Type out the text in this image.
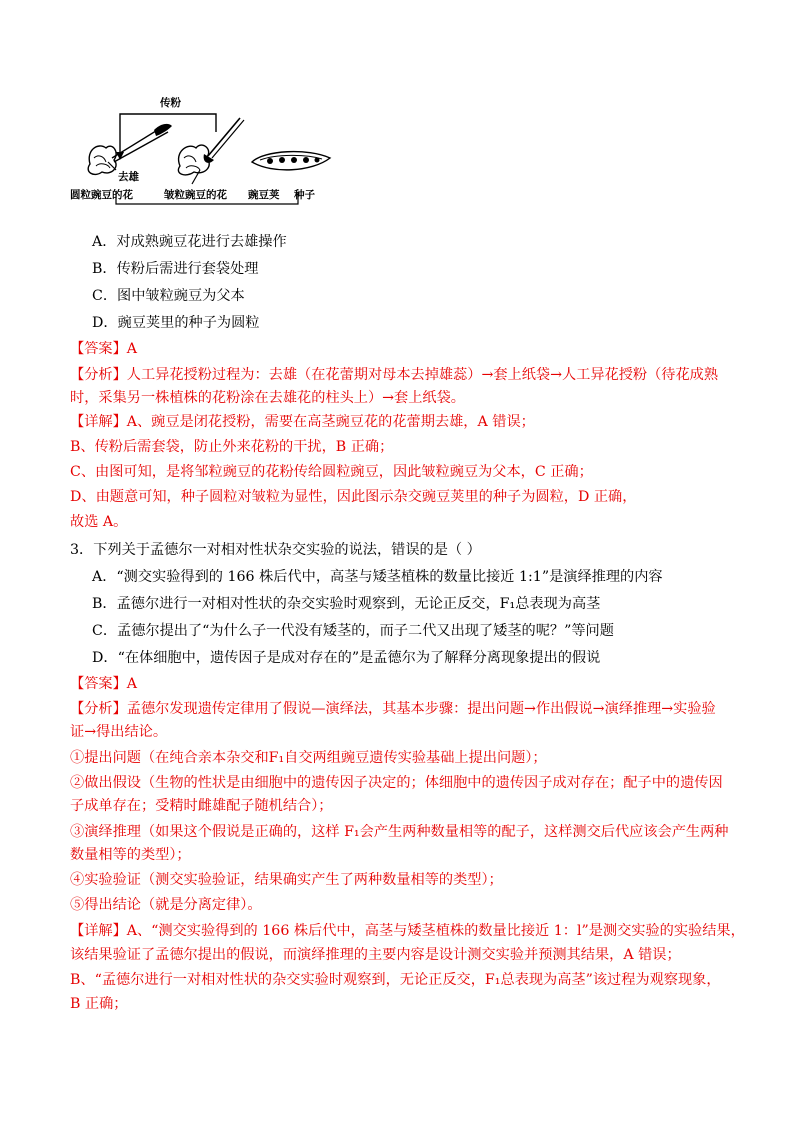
传粉
去雄
圆粒豌豆的花	皱粒豌豆的花 豌豆荚 种子
A．对成熟豌豆花进行去雄操作
B．传粉后需进行套袋处理
C．图中皱粒豌豆为父本
D．豌豆荚里的种子为圆粒
【答案】A
【分析】人工异花授粉过程为：去雄（在花蕾期对母本去掉雄蕊）→套上纸袋→人工异花授粉（待花成熟
时，采集另一株植株的花粉涂在去雄花的柱头上）→套上纸袋。
【详解】A、豌豆是闭花授粉，需要在高茎豌豆花的花蕾期去雄，A 错误；
B、传粉后需套袋，防止外来花粉的干扰，B 正确；
C、由图可知，是将邹粒豌豆的花粉传给圆粒豌豆，因此皱粒豌豆为父本，C 正确；
D、由题意可知，种子圆粒对皱粒为显性，因此图示杂交豌豆荚里的种子为圆粒，D 正确，
故选 A。
3．下列关于孟德尔一对相对性状杂交实验的说法，错误的是（ ）
A．“测交实验得到的 166 株后代中，高茎与矮茎植株的数量比接近 1:1”是演绎推理的内容
B．孟德尔进行一对相对性状的杂交实验时观察到，无论正反交，F₁总表现为高茎
C．孟德尔提出了“为什么子一代没有矮茎的，而子二代又出现了矮茎的呢？”等问题
D．“在体细胞中，遗传因子是成对存在的”是孟德尔为了解释分离现象提出的假说
【答案】A
【分析】孟德尔发现遗传定律用了假说—演绎法，其基本步骤：提出问题→作出假说→演绎推理→实验验
证→得出结论。
①提出问题（在纯合亲本杂交和F₁自交两组豌豆遗传实验基础上提出问题）；
②做出假设（生物的性状是由细胞中的遗传因子决定的；体细胞中的遗传因子成对存在；配子中的遗传因
子成单存在；受精时雌雄配子随机结合）；
③演绎推理（如果这个假说是正确的，这样 F₁会产生两种数量相等的配子，这样测交后代应该会产生两种
数量相等的类型）；
④实验验证（测交实验验证，结果确实产生了两种数量相等的类型）；
⑤得出结论（就是分离定律）。
【详解】A、“测交实验得到的 166 株后代中，高茎与矮茎植株的数量比接近 1：l”是测交实验的实验结果，
该结果验证了孟德尔提出的假说，而演绎推理的主要内容是设计测交实验并预测其结果，A 错误；
B、“孟德尔进行一对相对性状的杂交实验时观察到，无论正反交，F₁总表现为高茎”该过程为观察现象，
B 正确；
